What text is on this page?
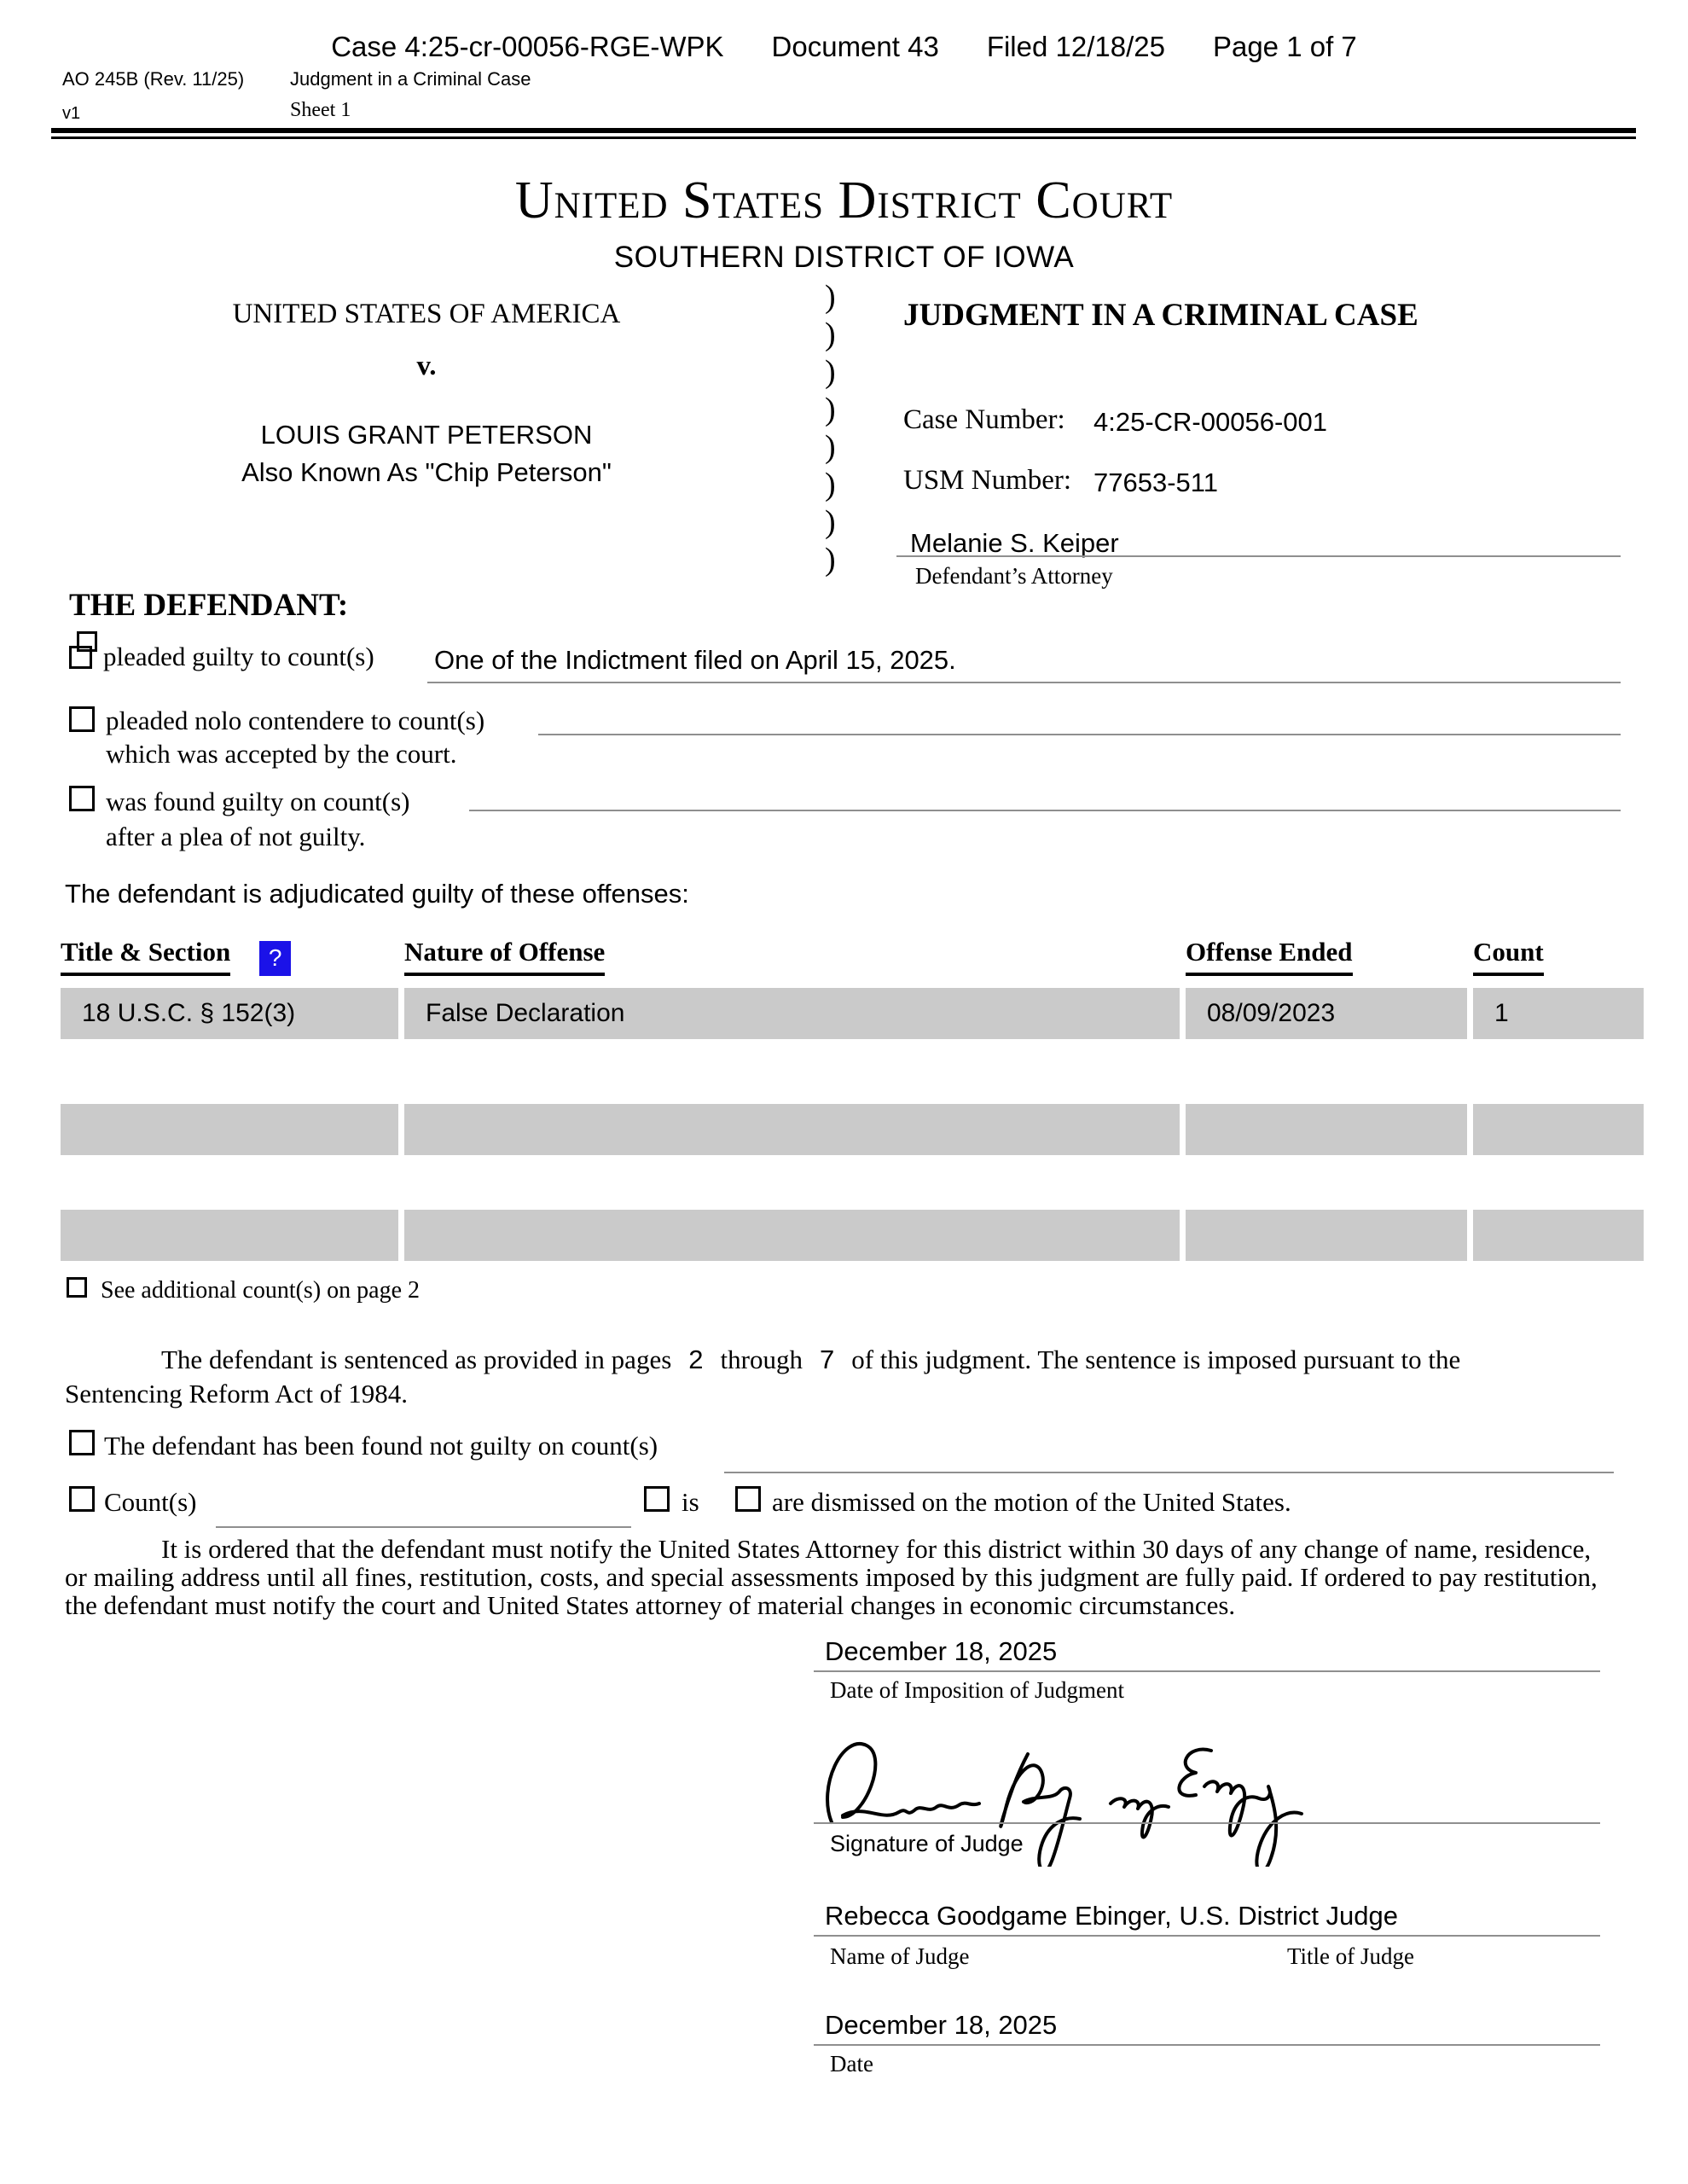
Case 4:25-cr-00056-RGE-WPK Document 43 Filed 12/18/25 Page 1 of 7
AO 245B (Rev. 11/25) Judgment in a Criminal Case
v1	Sheet 1
United States District Court
SOUTHERN DISTRICT OF IOWA
UNITED STATES OF AMERICA
v.
LOUIS GRANT PETERSON
Also Known As "Chip Peterson"
)
)
)
)
)
)
)
)
JUDGMENT IN A CRIMINAL CASE
Case Number: 4:25-CR-00056-001
USM Number: 77653-511
Melanie S. Keiper
Defendant’s Attorney
THE DEFENDANT:
pleaded guilty to count(s) One of the Indictment filed on April 15, 2025.
pleaded nolo contendere to count(s)
which was accepted by the court.
was found guilty on count(s)
after a plea of not guilty.
The defendant is adjudicated guilty of these offenses:
Title & Section ?	Nature of Offense	Offense Ended	Count
18 U.S.C. § 152(3)	False Declaration	08/09/2023	1
See additional count(s) on page 2
The defendant is sentenced as provided in pages 2 through 7 of this judgment. The sentence is imposed pursuant to the
Sentencing Reform Act of 1984.
The defendant has been found not guilty on count(s)
Count(s)	is	are dismissed on the motion of the United States.
It is ordered that the defendant must notify the United States Attorney for this district within 30 days of any change of name, residence,
or mailing address until all fines, restitution, costs, and special assessments imposed by this judgment are fully paid. If ordered to pay restitution,
the defendant must notify the court and United States attorney of material changes in economic circumstances.
December 18, 2025
Date of Imposition of Judgment
Signature of Judge
Rebecca Goodgame Ebinger, U.S. District Judge
Name of Judge	Title of Judge
December 18, 2025
Date
